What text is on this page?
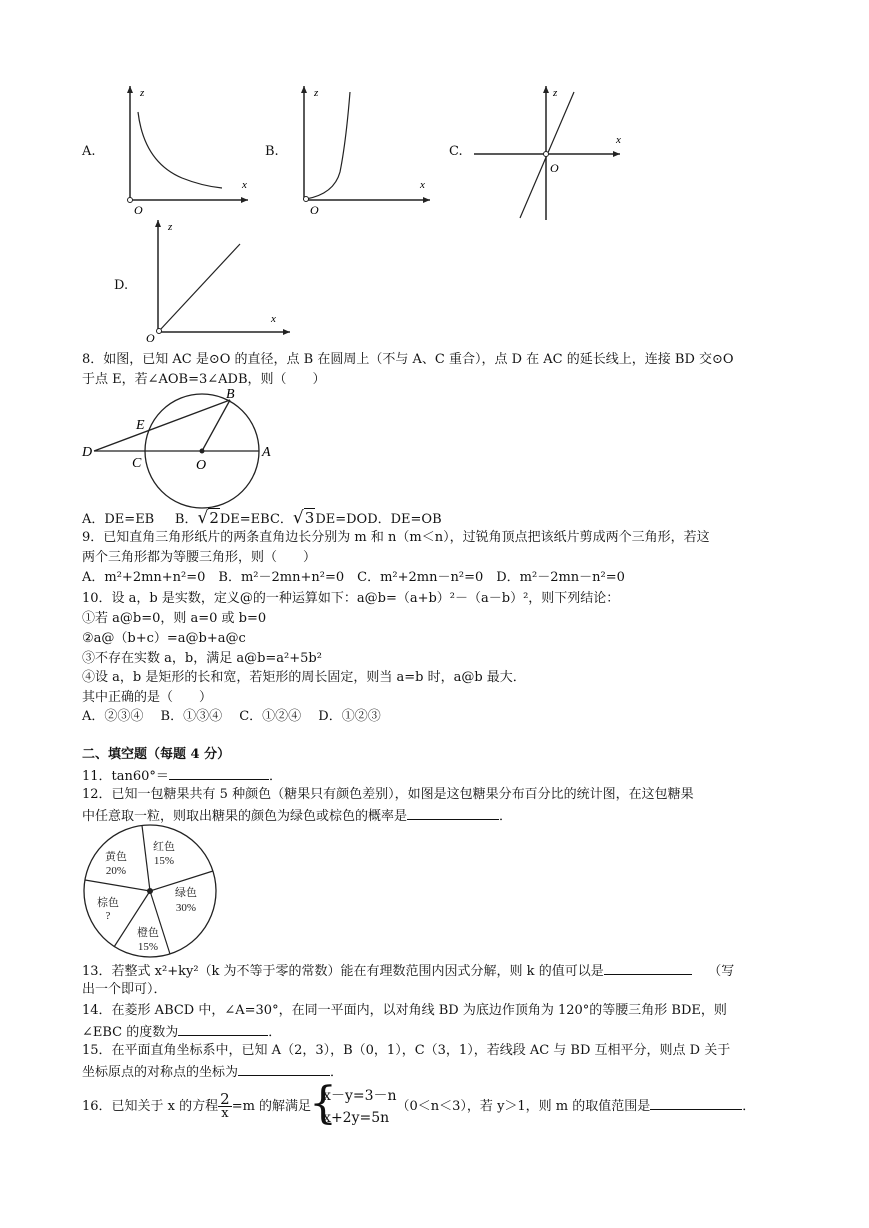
A.
z
x
O
B.
z
x
O
C.
z
x
O
D.
z
x
O
8．如图，已知 AC 是⊙O 的直径，点 B 在圆周上（不与 A、C 重合），点 D 在 AC 的延长线上，连接 BD 交⊙O
于点 E，若∠AOB=3∠ADB，则（　　）
B
E
D
C	O
A
A．DE=EB B．√2DE=EBC．√3DE=DOD．DE=OB
9．已知直角三角形纸片的两条直角边长分别为 m 和 n（m＜n），过锐角顶点把该纸片剪成两个三角形，若这
两个三角形都为等腰三角形，则（　　）
A．m²+2mn+n²=0　B．m²－2mn+n²=0　C．m²+2mn－n²=0　D．m²－2mn－n²=0
10．设 a，b 是实数，定义@的一种运算如下：a@b=（a+b）²－（a－b）²，则下列结论：
①若 a@b=0，则 a=0 或 b=0
②a@（b+c）=a@b+a@c
③不存在实数 a，b，满足 a@b=a²+5b²
④设 a，b 是矩形的长和宽，若矩形的周长固定，则当 a=b 时，a@b 最大．
其中正确的是（　　）
A．②③④　 B．①③④　 C．①②④　 D．①②③
二、填空题（每题 4 分）
11．tan60°＝	．
12．已知一包糖果共有 5 种颜色（糖果只有颜色差别），如图是这包糖果分布百分比的统计图，在这包糖果
中任意取一粒，则取出糖果的颜色为绿色或棕色的概率是	．
红色
15%
绿色
30%
橙色
15%
棕色
?
黄色
20%
13．若整式 x²+ky²（k 为不等于零的常数）能在有理数范围内因式分解，则 k 的值可以是	（写
出一个即可）．
14．在菱形 ABCD 中，∠A=30°，在同一平面内，以对角线 BD 为底边作顶角为 120°的等腰三角形 BDE，则
∠EBC 的度数为	．
15．在平面直角坐标系中，已知 A（2，3），B（0，1），C（3，1），若线段 AC 与 BD 互相平分，则点 D 关于
坐标原点的对称点的坐标为	．
16．已知关于 x 的方程 $\frac{2}{x} =m$ 的解满足
{
x－y=3－n
x+2y=5n
（0＜n＜3），若 y＞1，则 m 的取值范围是	．
